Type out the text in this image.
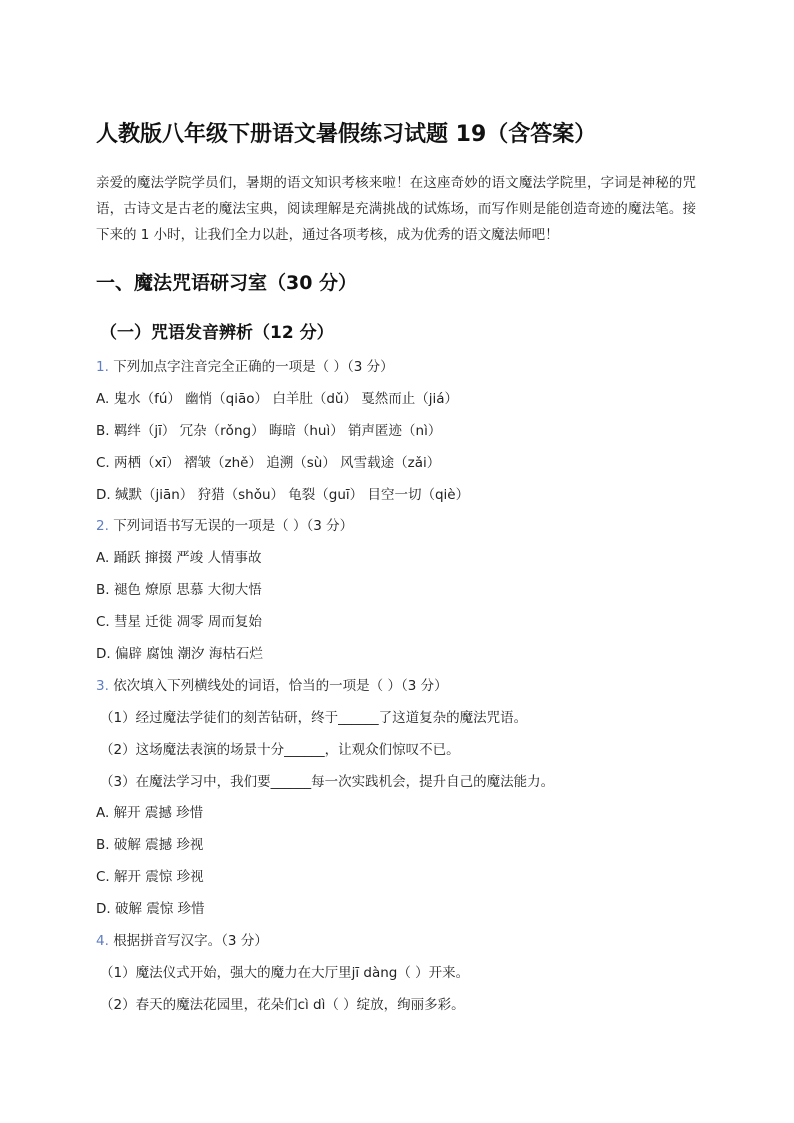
人教版八年级下册语文暑假练习试题 19（含答案）
亲爱的魔法学院学员们，暑期的语文知识考核来啦！在这座奇妙的语文魔法学院里，字词是神秘的咒语，古诗文是古老的魔法宝典，阅读理解是充满挑战的试炼场，而写作则是能创造奇迹的魔法笔。接下来的 1 小时，让我们全力以赴，通过各项考核，成为优秀的语文魔法师吧！
一、魔法咒语研习室（30 分）
（一）咒语发音辨析（12 分）
1. 下列加点字注音完全正确的一项是（ ）（3 分）
A. 鬼水（fú） 幽悄（qiāo） 白羊肚（dǔ） 戛然而止（jiá）
B. 羁绊（jī） 冗杂（rǒng） 晦暗（huì） 销声匿迹（nì）
C. 两栖（xī） 褶皱（zhě） 追溯（sù） 风雪载途（zǎi）
D. 缄默（jiān） 狩猎（shǒu） 龟裂（guī） 目空一切（qiè）
2. 下列词语书写无误的一项是（ ）（3 分）
A. 踊跃 撺掇 严竣 人情事故
B. 褪色 燎原 思慕 大彻大悟
C. 彗星 迁徙 凋零 周而复始
D. 偏辟 腐蚀 潮汐 海枯石烂
3. 依次填入下列横线处的词语，恰当的一项是（ ）（3 分）
（1）经过魔法学徒们的刻苦钻研，终于______了这道复杂的魔法咒语。
（2）这场魔法表演的场景十分______，让观众们惊叹不已。
（3）在魔法学习中，我们要______每一次实践机会，提升自己的魔法能力。
A. 解开 震撼 珍惜
B. 破解 震撼 珍视
C. 解开 震惊 珍视
D. 破解 震惊 珍惜
4. 根据拼音写汉字。（3 分）
（1）魔法仪式开始，强大的魔力在大厅里jī dàng（ ）开来。
（2）春天的魔法花园里，花朵们cì dì（ ）绽放，绚丽多彩。
